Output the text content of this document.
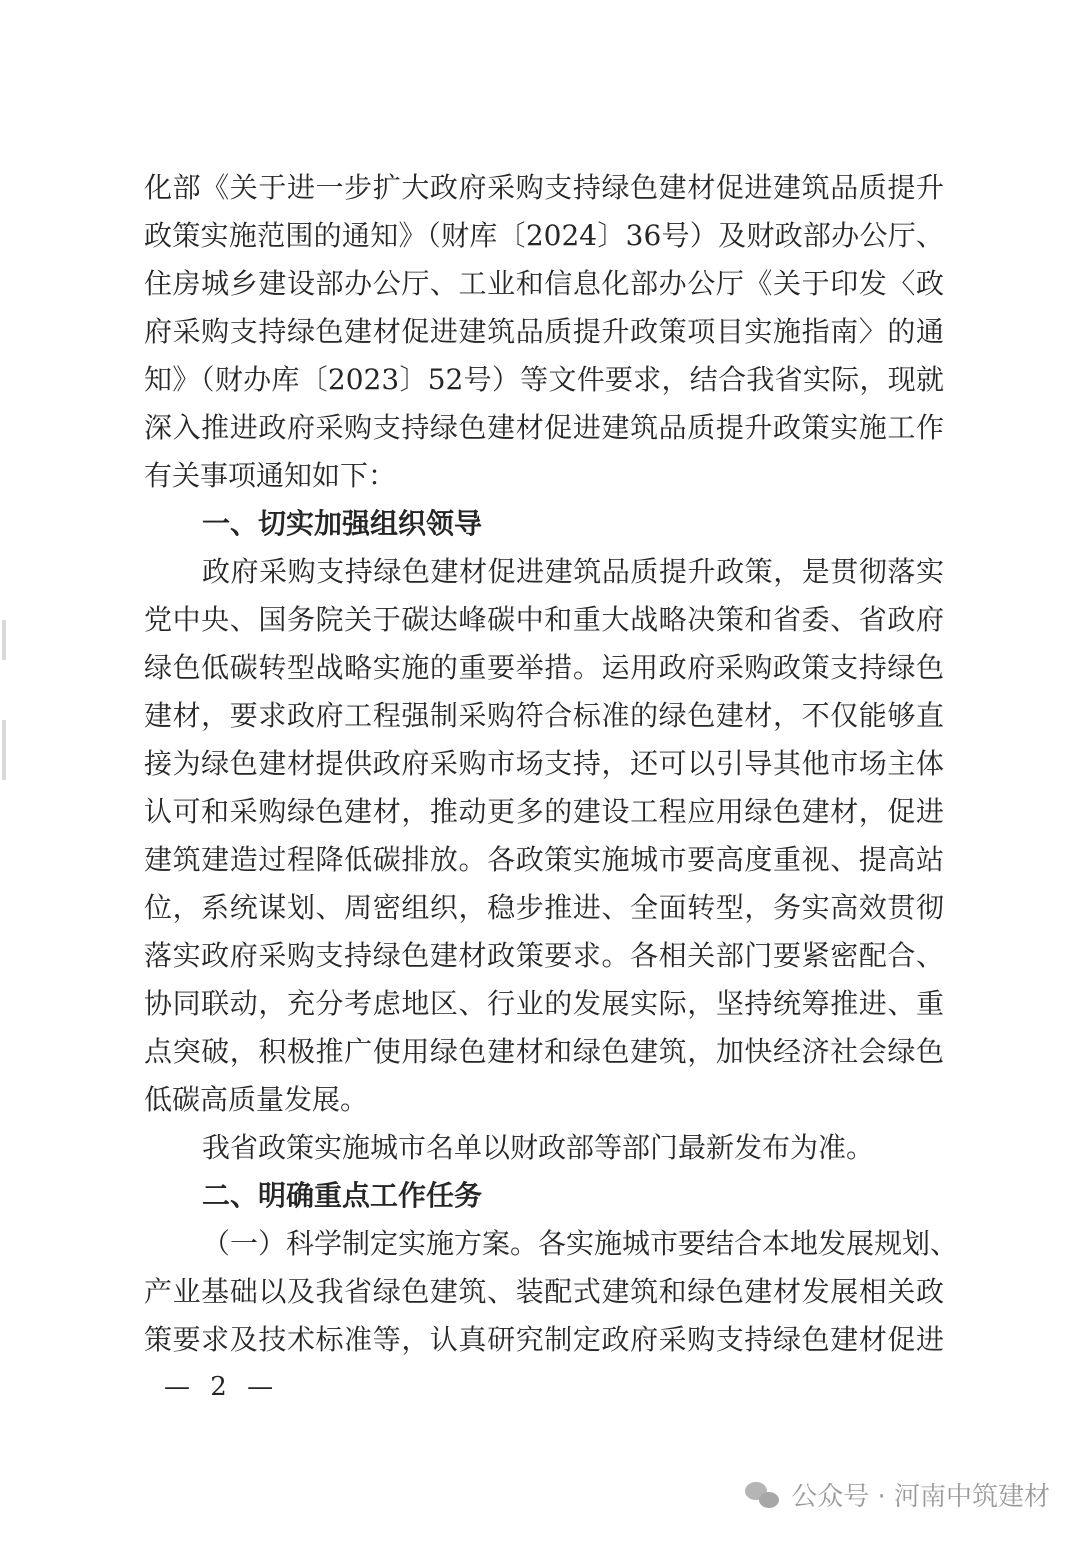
化部《关于进一步扩大政府采购支持绿色建材促进建筑品质提升
政策实施范围的通知》（财库〔2024〕36号）及财政部办公厅、
住房城乡建设部办公厅、工业和信息化部办公厅《关于印发〈政
府采购支持绿色建材促进建筑品质提升政策项目实施指南〉的通
知》（财办库〔2023〕52号）等文件要求，结合我省实际，现就
深入推进政府采购支持绿色建材促进建筑品质提升政策实施工作
有关事项通知如下：
一、切实加强组织领导
政府采购支持绿色建材促进建筑品质提升政策，是贯彻落实
党中央、国务院关于碳达峰碳中和重大战略决策和省委、省政府
绿色低碳转型战略实施的重要举措。运用政府采购政策支持绿色
建材，要求政府工程强制采购符合标准的绿色建材，不仅能够直
接为绿色建材提供政府采购市场支持，还可以引导其他市场主体
认可和采购绿色建材，推动更多的建设工程应用绿色建材，促进
建筑建造过程降低碳排放。各政策实施城市要高度重视、提高站
位，系统谋划、周密组织，稳步推进、全面转型，务实高效贯彻
落实政府采购支持绿色建材政策要求。各相关部门要紧密配合、
协同联动，充分考虑地区、行业的发展实际，坚持统筹推进、重
点突破，积极推广使用绿色建材和绿色建筑，加快经济社会绿色
低碳高质量发展。
我省政策实施城市名单以财政部等部门最新发布为准。
二、明确重点工作任务
（一）科学制定实施方案。各实施城市要结合本地发展规划、
产业基础以及我省绿色建筑、装配式建筑和绿色建材发展相关政
策要求及技术标准等，认真研究制定政府采购支持绿色建材促进
— 2 —
公众号 · 河南中筑建材
